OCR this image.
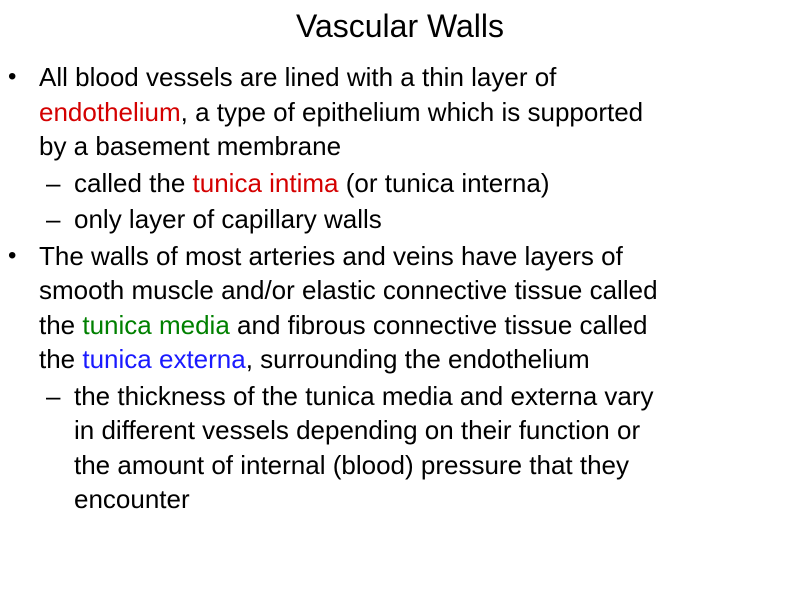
Vascular Walls
• All blood vessels are lined with a thin layer of
endothelium, a type of epithelium which is supported
by a basement membrane
– called the tunica intima (or tunica interna)
– only layer of capillary walls
• The walls of most arteries and veins have layers of
smooth muscle and/or elastic connective tissue called
the tunica media and fibrous connective tissue called
the tunica externa, surrounding the endothelium
– the thickness of the tunica media and externa vary
in different vessels depending on their function or
the amount of internal (blood) pressure that they
encounter
